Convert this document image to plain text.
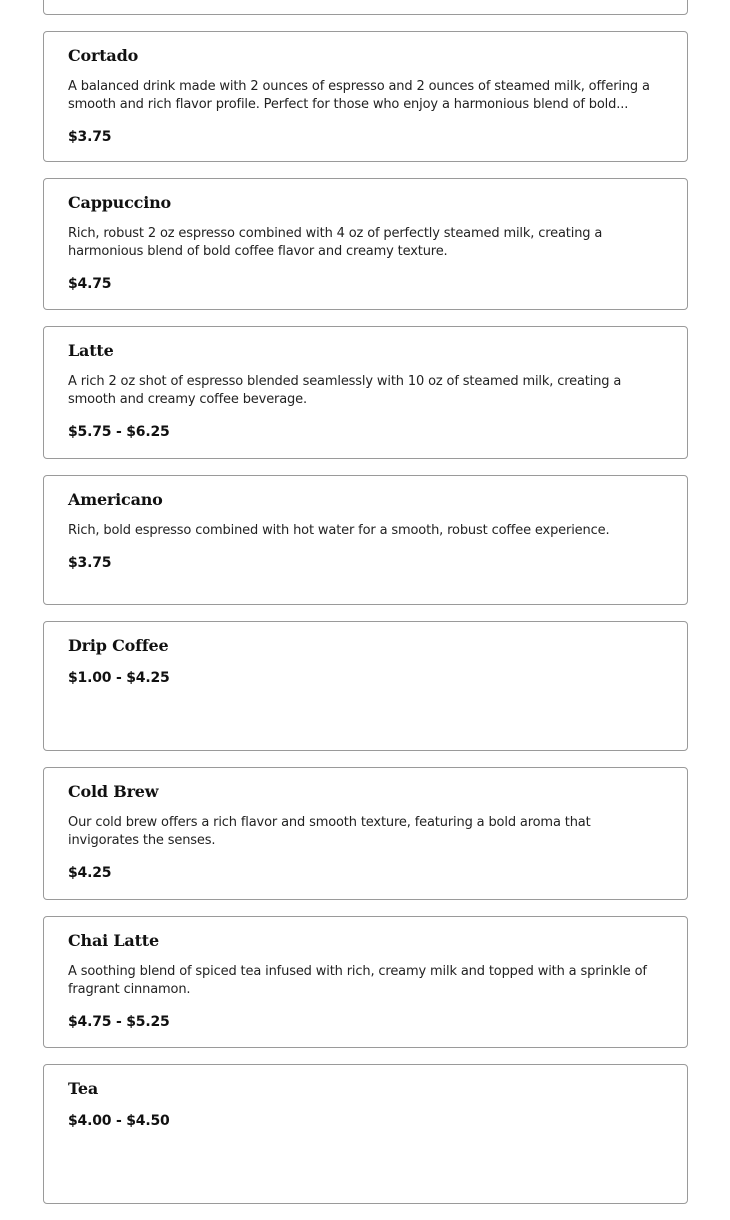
Cortado

A balanced drink made with 2 ounces of espresso and 2 ounces of steamed milk, offering a smooth and rich flavor profile. Perfect for those who enjoy a harmonious blend of bold...

$3.75

Cappuccino

Rich, robust 2 oz espresso combined with 4 oz of perfectly steamed milk, creating a harmonious blend of bold coffee flavor and creamy texture.

$4.75

Latte

A rich 2 oz shot of espresso blended seamlessly with 10 oz of steamed milk, creating a smooth and creamy coffee beverage.

$5.75 - $6.25

Americano

Rich, bold espresso combined with hot water for a smooth, robust coffee experience.

$3.75

Drip Coffee

$1.00 - $4.25

Cold Brew

Our cold brew offers a rich flavor and smooth texture, featuring a bold aroma that invigorates the senses.

$4.25

Chai Latte

A soothing blend of spiced tea infused with rich, creamy milk and topped with a sprinkle of fragrant cinnamon.

$4.75 - $5.25

Tea

$4.00 - $4.50
